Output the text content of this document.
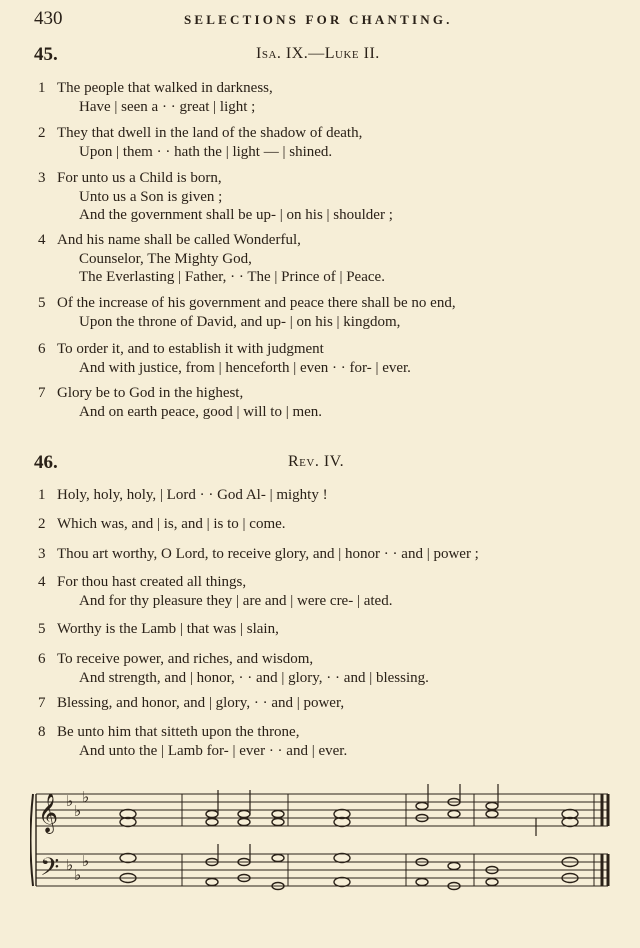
430	SELECTIONS FOR CHANTING.
45.	Isa. IX.—Luke II.
1 The people that walked in darkness,
Have | seen a · · great | light ;
2 They that dwell in the land of the shadow of death,
Upon | them · · hath the | light — | shined.
3 For unto us a Child is born,
Unto us a Son is given ;
And the government shall be up- | on his | shoulder ;
4 And his name shall be called Wonderful,
Counselor, The Mighty God,
The Everlasting | Father, · · The | Prince of | Peace.
5 Of the increase of his government and peace there shall be no end,
Upon the throne of David, and up- | on his | kingdom,
6 To order it, and to establish it with judgment
And with justice, from | henceforth | even · · for- | ever.
7 Glory be to God in the highest,
And on earth peace, good | will to | men.
46.	Rev. IV.
1 Holy, holy, holy, | Lord · · God Al- | mighty !
2 Which was, and | is, and | is to | come.
3 Thou art worthy, O Lord, to receive glory, and | honor · · and | power ;
4 For thou hast created all things,
And for thy pleasure they | are and | were cre- | ated.
5 Worthy is the Lamb | that was | slain,
6 To receive power, and riches, and wisdom,
And strength, and | honor, · · and | glory, · · and | blessing.
7 Blessing, and honor, and | glory, · · and | power,
8 Be unto him that sitteth upon the throne,
And unto the | Lamb for- | ever · · and | ever.
𝄞
𝄢
♭
♭
♭
♭
♭
♭
